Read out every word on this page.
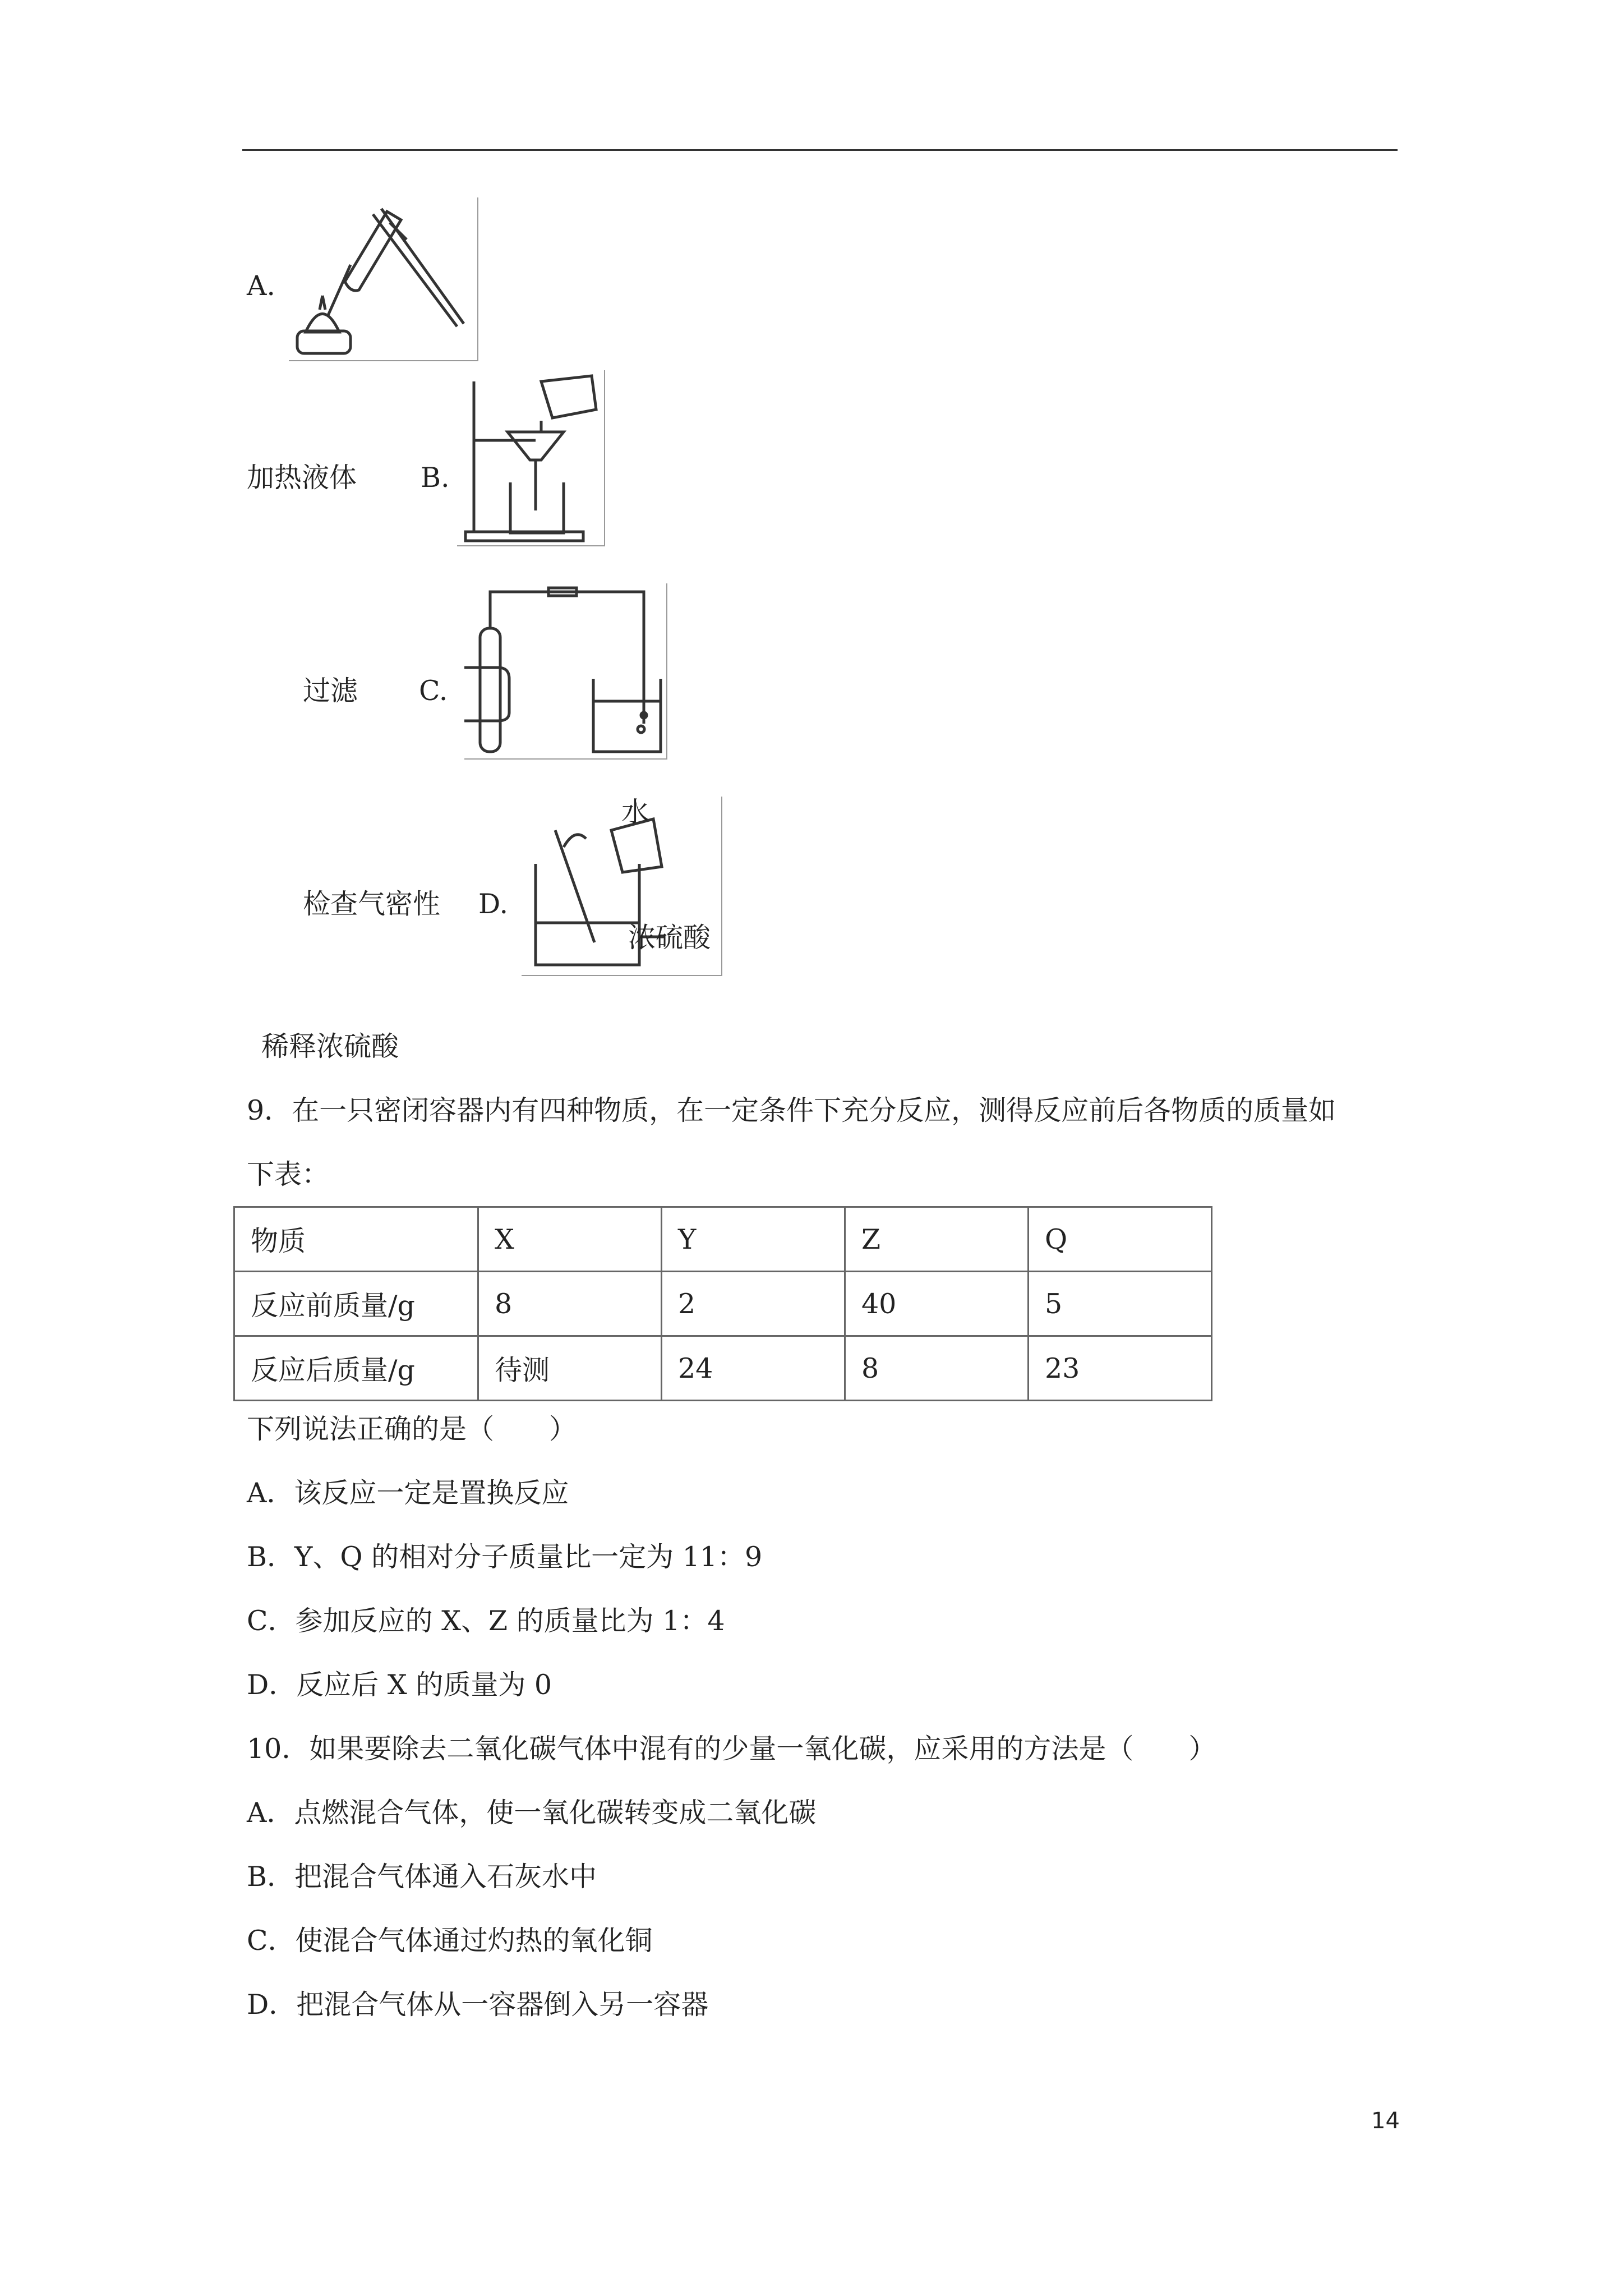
A.
加热液体 B.
过滤 C.
检查气密性 D.
水
浓硫酸
稀释浓硫酸
9．在一只密闭容器内有四种物质，在一定条件下充分反应，测得反应前后各物质的质量如
下表：
物质	X	Y	Z	Q
反应前质量/g	8	2	40	5
反应后质量/g	待测	24	8	23
下列说法正确的是（　　）
A．该反应一定是置换反应
B．Y、Q 的相对分子质量比一定为 11：9
C．参加反应的 X、Z 的质量比为 1：4
D．反应后 X 的质量为 0
10．如果要除去二氧化碳气体中混有的少量一氧化碳，应采用的方法是（　　）
A．点燃混合气体，使一氧化碳转变成二氧化碳
B．把混合气体通入石灰水中
C．使混合气体通过灼热的氧化铜
D．把混合气体从一容器倒入另一容器
14
